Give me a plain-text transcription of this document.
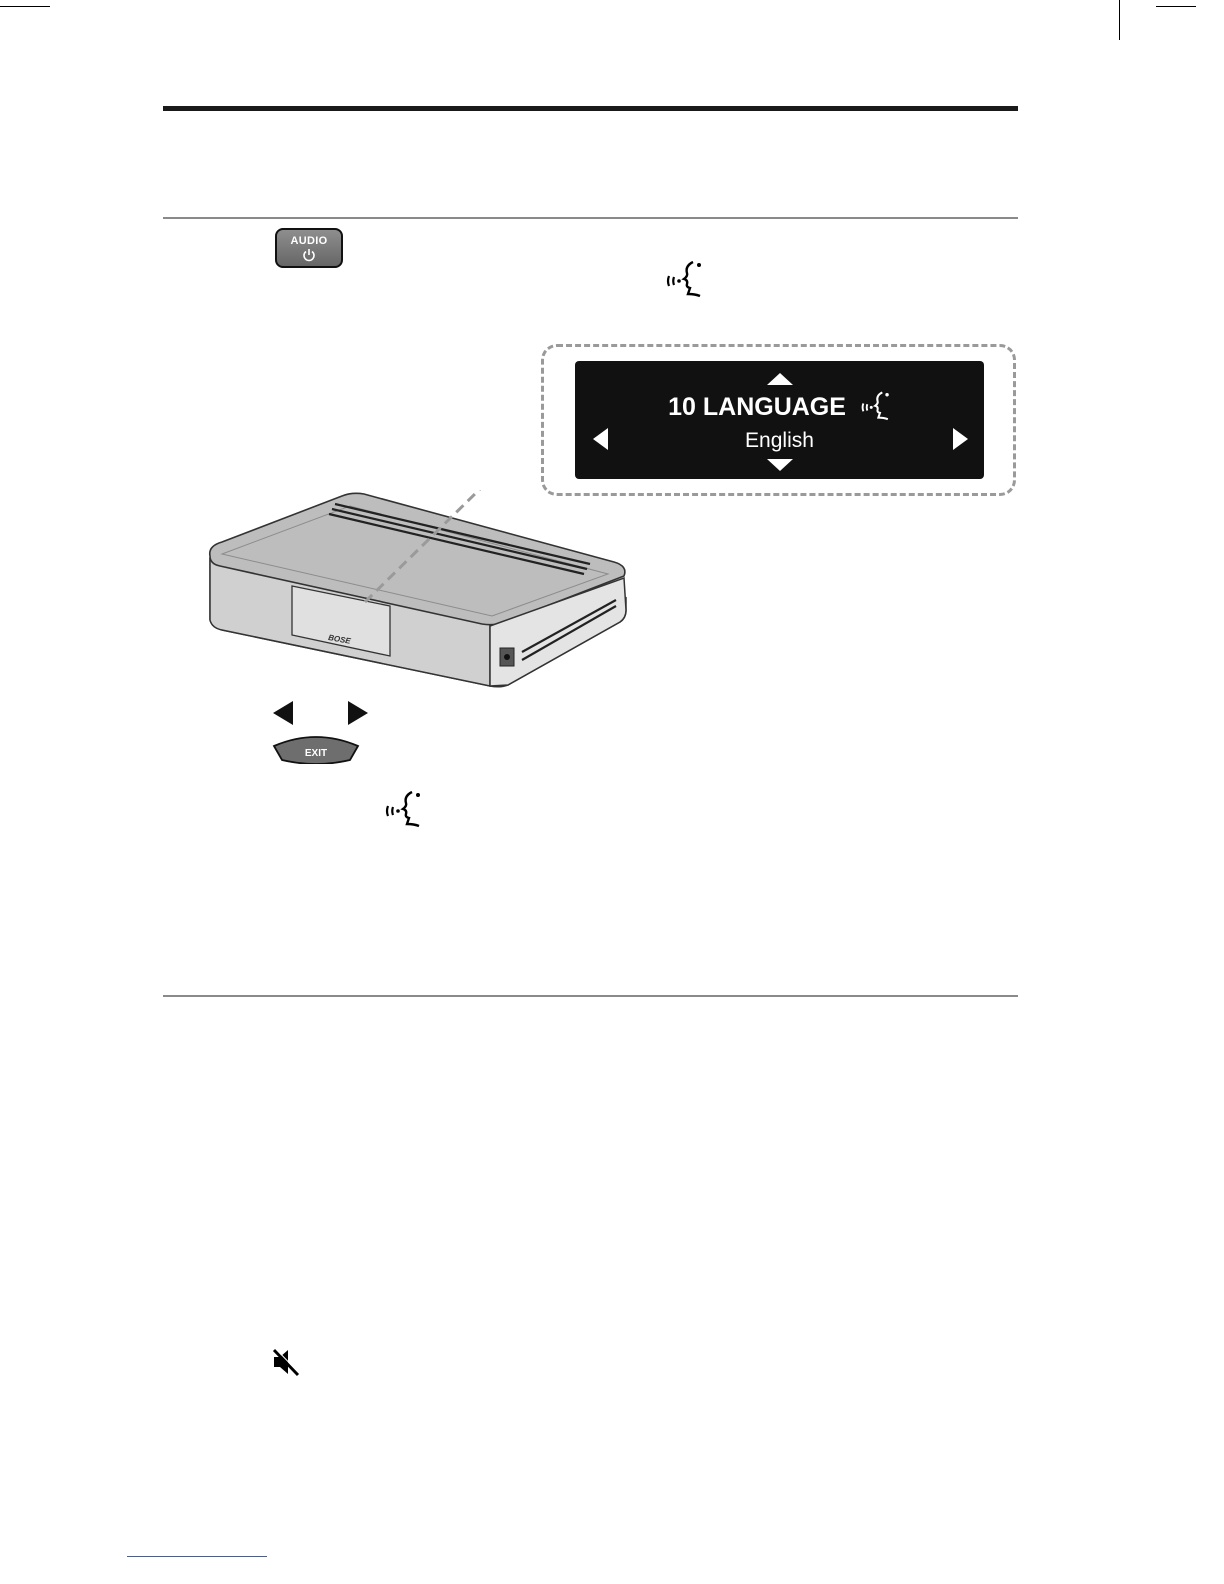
AUDIO
10 LANGUAGE
English
BOSE
EXIT
